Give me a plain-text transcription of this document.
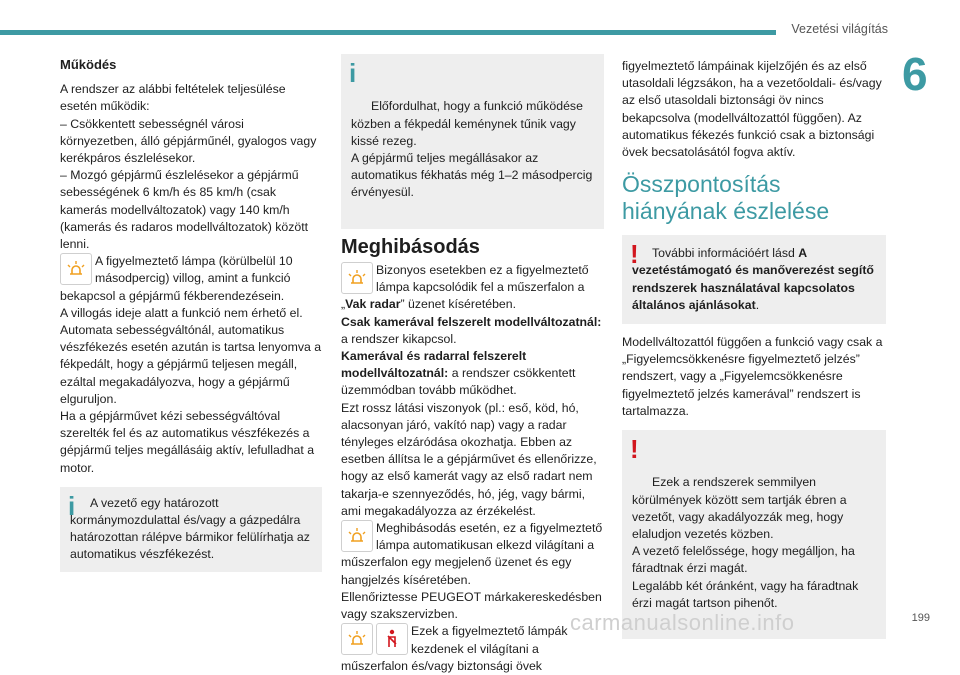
Vezetési világítás
6
Működés

A rendszer az alábbi feltételek teljesülése esetén működik:

– Csökkentett sebességnél városi környezetben, álló gépjárműnél, gyalogos vagy kerékpáros észlelésekor.

– Mozgó gépjármű észlelésekor a gépjármű sebességének 6 km/h és 85 km/h (csak kamerás modellváltozatok) vagy 140 km/h (kamerás és radaros modellváltozatok) között lenni.

A figyelmeztető lámpa (körülbelül 10 másodpercig) villog, amint a funkció bekapcsol a gépjármű fékberendezésein.

A villogás ideje alatt a funkció nem érhető el.

Automata sebességváltónál, automatikus vészfékezés esetén azután is tartsa lenyomva a fékpedált, hogy a gépjármű teljesen megáll, ezáltal megakadályozva, hogy a gépjármű elguruljon.

Ha a gépjárművet kézi sebességváltóval szerelték fel és az automatikus vészfékezés a gépjármű teljes megállásáig aktív, lefulladhat a motor.

i	A vezető egy határozott kormánymozdulattal és/vagy a gázpedálra határozottan rálépve bármikor felülírhatja az automatikus vészfékezést.

i

Előfordulhat, hogy a funkció működése közben a fékpedál keménynek tűnik vagy kissé rezeg.
A gépjármű teljes megállásakor az automatikus fékhatás még 1–2 másodpercig érvényesül.

Meghibásodás

Bizonyos esetekben ez a figyelmeztető lámpa kapcsolódik fel a műszerfalon a „Vak radar” üzenet kíséretében.

Csak kamerával felszerelt modellváltozatnál: a rendszer kikapcsol.

Kamerával és radarral felszerelt modellváltozatnál: a rendszer csökkentett üzemmódban tovább működhet.

Ezt rossz látási viszonyok (pl.: eső, köd, hó, alacsonyan járó, vakító nap) vagy a radar tényleges elzáródása okozhatja. Ebben az esetben állítsa le a gépjárművet és ellenőrizze, hogy az első kamerát vagy az első radart nem takarja-e szennyeződés, hó, jég, vagy bármi, ami megakadályozza az érzékelést.

Meghibásodás esetén, ez a figyelmeztető lámpa automatikusan elkezd világítani a műszerfalon egy megjelenő üzenet és egy hangjelzés kíséretében.

Ellenőriztesse PEUGEOT márkakereskedésben vagy szakszervizben.

Ezek a figyelmeztető lámpák kezdenek el világítani a műszerfalon és/vagy biztonsági övek

figyelmeztető lámpáinak kijelzőjén és az első utasoldali légzsákon, ha a vezetőoldali- és/vagy az első utasoldali biztonsági öv nincs bekapcsolva (modellváltozattól függően). Az automatikus fékezés funkció csak a biztonsági övek becsatolásától fogva aktív.

Összpontosítás hiányának észlelése
!	További információért lásd A vezetéstámogató és manőverezést segítő rendszerek használatával kapcsolatos általános ajánlásokat.

Modellváltozattól függően a funkció vagy csak a „Figyelemcsökkenésre figyelmeztető jelzés” rendszert, vagy a „Figyelemcsökkenésre figyelmeztető jelzés kamerával” rendszert is tartalmazza.

!

Ezek a rendszerek semmilyen körülmények között sem tartják ébren a vezetőt, vagy akadályozzák meg, hogy elaludjon vezetés közben.
A vezető felelőssége, hogy megálljon, ha fáradtnak érzi magát.
Legalább két óránként, vagy ha fáradtnak érzi magát tartson pihenőt.

carmanualsonline.info	199
